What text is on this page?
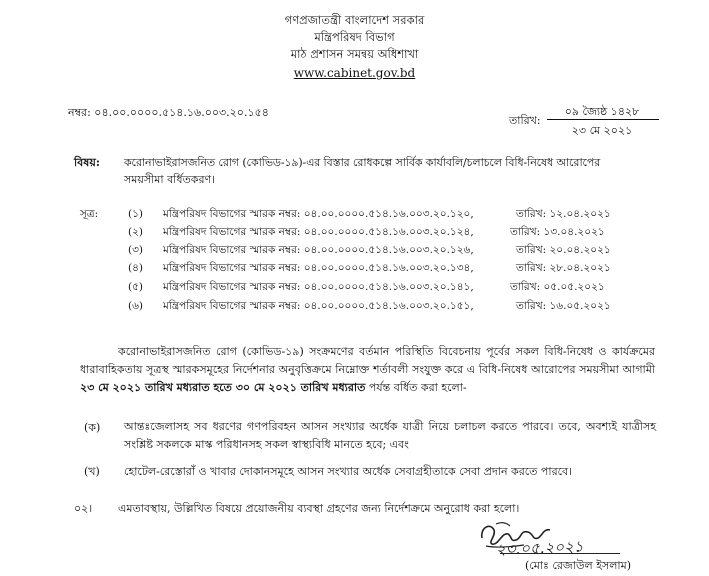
গণপ্রজাতন্ত্রী বাংলাদেশ সরকার
মন্ত্রিপরিষদ বিভাগ
মাঠ প্রশাসন সমন্বয় অধিশাখা
www.cabinet.gov.bd
নম্বর: ০৪.০০.০০০০.৫১৪.১৬.০০৩.২০.১৫৪	০৯ জ্যৈষ্ঠ ১৪২৮
তারিখ:
২৩ মে ২০২১
বিষয়: করোনাভাইরাসজনিত রোগ (কোভিড-১৯)-এর বিস্তার রোধকল্পে সার্বিক কার্যাবলি/চলাচলে বিধি-নিষেধ আরোপের
সময়সীমা বর্ধিতকরণ।
সূত্র:	(১) মন্ত্রিপরিষদ বিভাগের স্মারক নম্বর: ০৪.০০.০০০০.৫১৪.১৬.০০৩.২০.১২০,	তারিখ: ১২.০৪.২০২১
(২) মন্ত্রিপরিষদ বিভাগের স্মারক নম্বর: ০৪.০০.০০০০.৫১৪.১৬.০০৩.২০.১২৪,	তারিখ: ১৩.০৪.২০২১
(৩) মন্ত্রিপরিষদ বিভাগের স্মারক নম্বর: ০৪.০০.০০০০.৫১৪.১৬.০০৩.২০.১২৬,	তারিখ: ২০.০৪.২০২১
(৪) মন্ত্রিপরিষদ বিভাগের স্মারক নম্বর: ০৪.০০.০০০০.৫১৪.১৬.০০৩.২০.১৩৪,	তারিখ: ২৮.০৪.২০২১
(৫) মন্ত্রিপরিষদ বিভাগের স্মারক নম্বর: ০৪.০০.০০০০.৫১৪.১৬.০০৩.২০.১৪১,	তারিখ: ০৫.০৫.২০২১
(৬) মন্ত্রিপরিষদ বিভাগের স্মারক নম্বর: ০৪.০০.০০০০.৫১৪.১৬.০০৩.২০.১৫১,	তারিখ: ১৬.০৫.২০২১
করোনাভাইরাসজনিত রোগ (কোভিড-১৯) সংক্রমণের বর্তমান পরিস্থিতি বিবেচনায় পূর্বের সকল বিধি-নিষেধ ও কার্যক্রমের ধারাবাহিকতায় সূত্রস্থ স্মারকসমূহের নির্দেশনার অনুবৃত্তিক্রমে নিম্নোক্ত শর্তাবলী সংযুক্ত করে এ বিধি-নিষেধ আরোপের সময়সীমা আগামী ২৩ মে ২০২১ তারিখ মধ্যরাত হতে ৩০ মে ২০২১ তারিখ মধ্যরাত পর্যন্ত বর্ধিত করা হলো-
(ক) আন্তঃজেলাসহ সব ধরণের গণপরিবহন আসন সংখ্যার অর্ধেক যাত্রী নিয়ে চলাচল করতে পারবে। তবে, অবশ্যই যাত্রীসহ সংশ্লিষ্ট সকলকে মাস্ক পরিধানসহ সকল স্বাস্থ্যবিধি মানতে হবে; এবং
(খ) হোটেল-রেস্তোরাঁ ও খাবার দোকানসমূহে আসন সংখ্যার অর্ধেক সেবাগ্রহীতাকে সেবা প্রদান করতে পারবে।
০২। এমতাবস্থায়, উল্লিখিত বিষয়ে প্রয়োজনীয় ব্যবস্থা গ্রহণের জন্য নির্দেশক্রমে অনুরোধ করা হলো।
২৩.০৫.২০২১
(মোঃ রেজাউল ইসলাম)
